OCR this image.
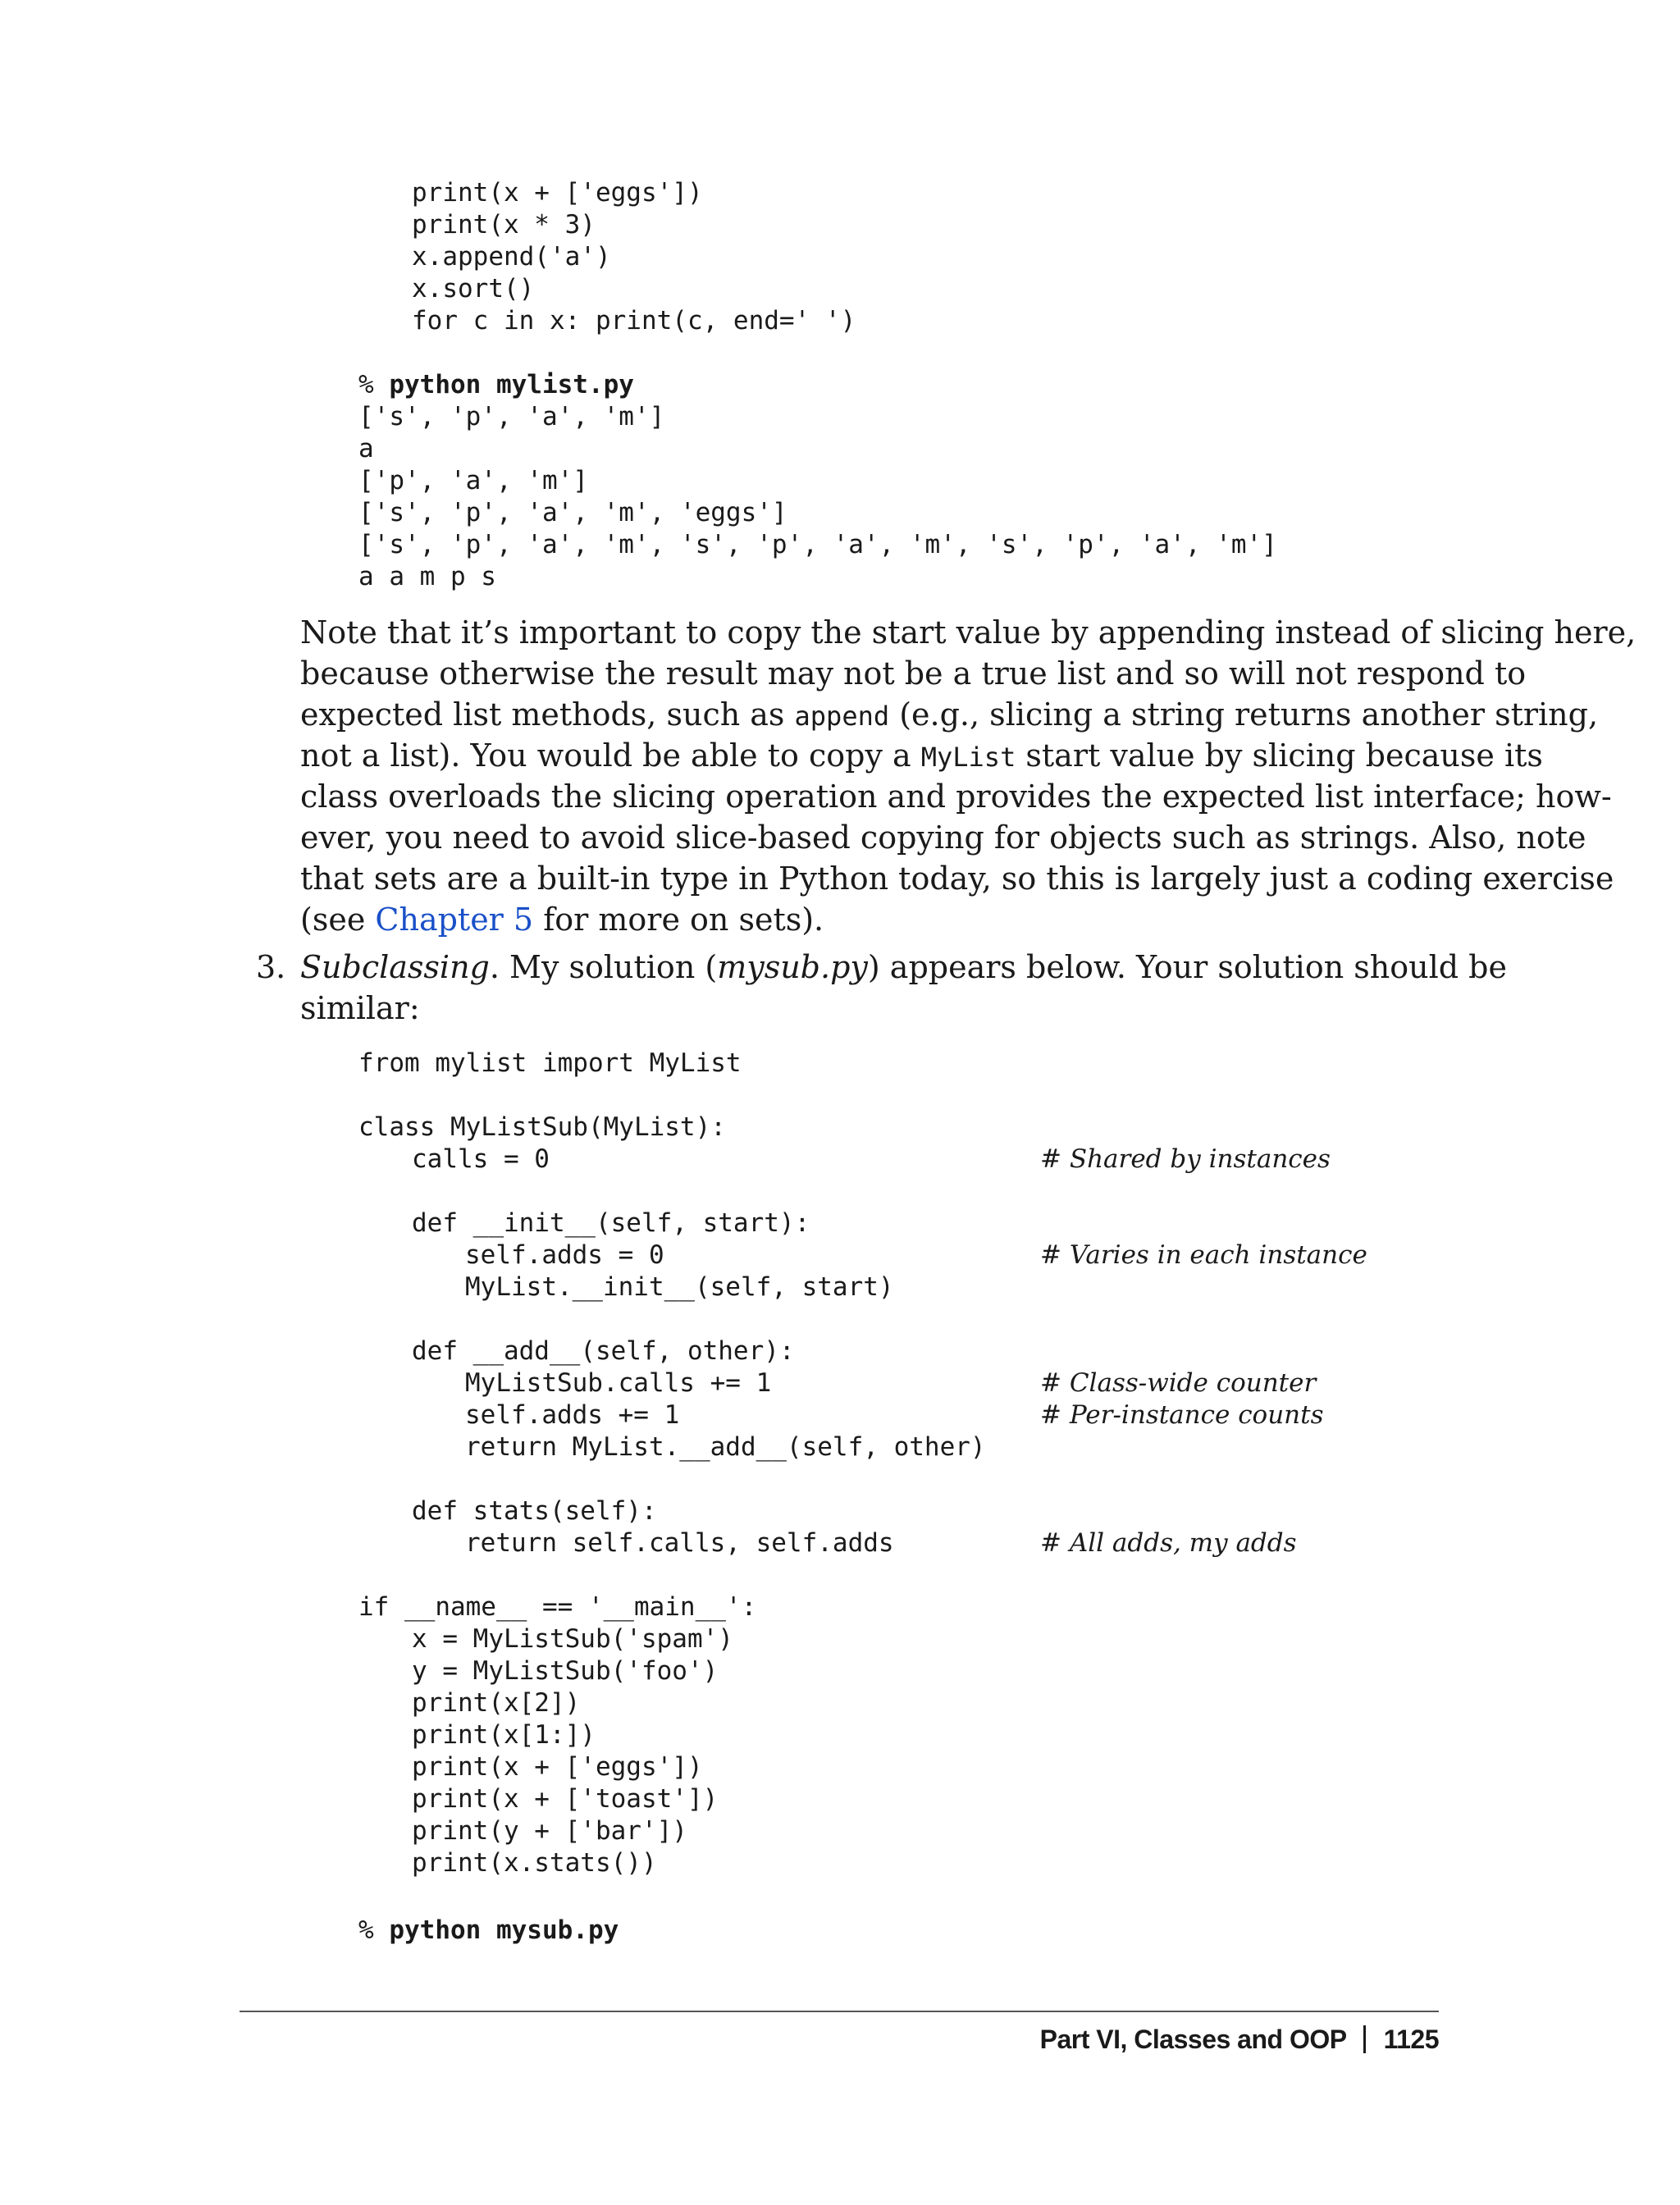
print(x + ['eggs'])
print(x * 3)
x.append('a')
x.sort()
for c in x: print(c, end=' ')
% python mylist.py
['s', 'p', 'a', 'm']
a
['p', 'a', 'm']
['s', 'p', 'a', 'm', 'eggs']
['s', 'p', 'a', 'm', 's', 'p', 'a', 'm', 's', 'p', 'a', 'm']
a a m p s
Note that it’s important to copy the start value by appending instead of slicing here,
because otherwise the result may not be a true list and so will not respond to
expected list methods, such as append (e.g., slicing a string returns another string,
not a list). You would be able to copy a MyList start value by slicing because its
class overloads the slicing operation and provides the expected list interface; how-
ever, you need to avoid slice-based copying for objects such as strings. Also, note
that sets are a built-in type in Python today, so this is largely just a coding exercise
(see Chapter 5 for more on sets).
3. Subclassing. My solution (mysub.py) appears below. Your solution should be
similar:
from mylist import MyList
class MyListSub(MyList):
calls = 0	# Shared by instances
def __init__(self, start):
self.adds = 0	# Varies in each instance
MyList.__init__(self, start)
def __add__(self, other):
MyListSub.calls += 1	# Class-wide counter
self.adds += 1	# Per-instance counts
return MyList.__add__(self, other)
def stats(self):
return self.calls, self.adds	# All adds, my adds
if __name__ == '__main__':
x = MyListSub('spam')
y = MyListSub('foo')
print(x[2])
print(x[1:])
print(x + ['eggs'])
print(x + ['toast'])
print(y + ['bar'])
print(x.stats())
% python mysub.py
Part VI, Classes and OOP 1125
